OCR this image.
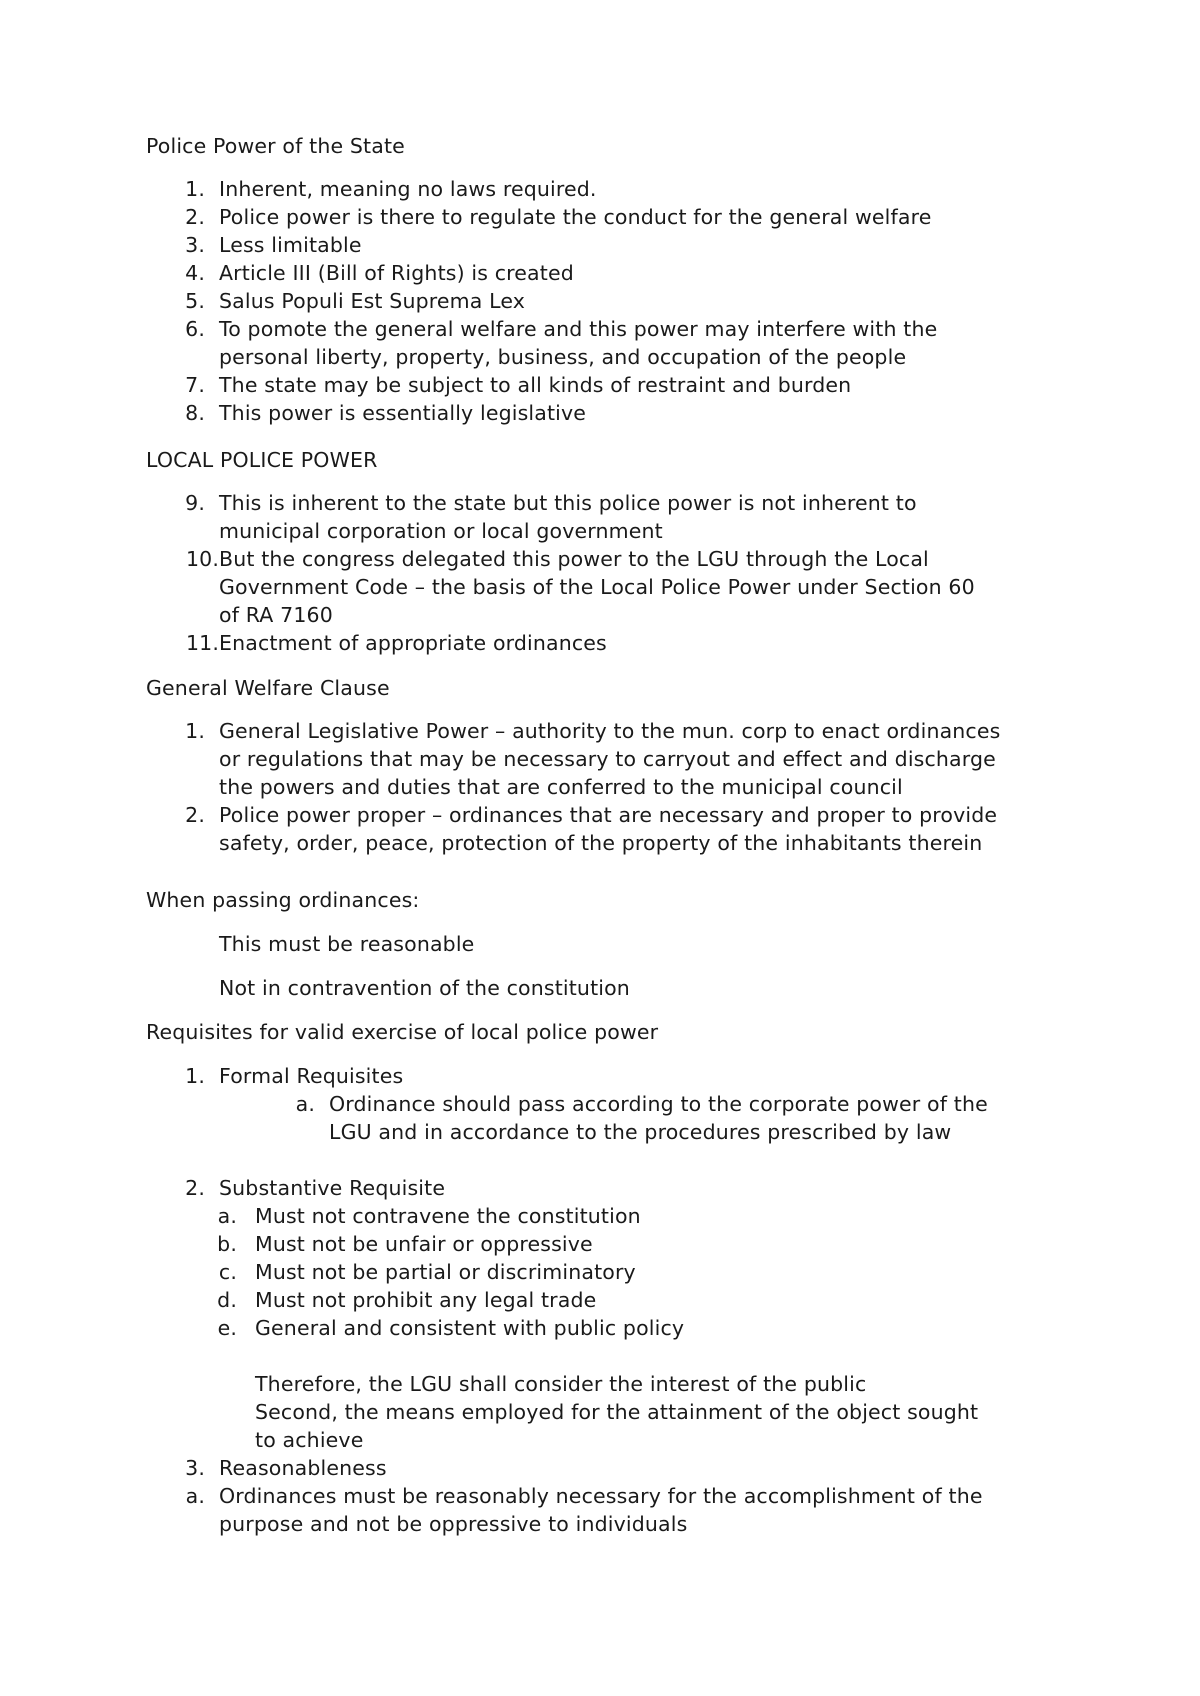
Police Power of the State
1. Inherent, meaning no laws required.
2. Police power is there to regulate the conduct for the general welfare
3. Less limitable
4. Article III (Bill of Rights) is created
5. Salus Populi Est Suprema Lex
6. To pomote the general welfare and this power may interfere with the
personal liberty, property, business, and occupation of the people
7. The state may be subject to all kinds of restraint and burden
8. This power is essentially legislative
LOCAL POLICE POWER
9. This is inherent to the state but this police power is not inherent to
municipal corporation or local government
10. But the congress delegated this power to the LGU through the Local
Government Code – the basis of the Local Police Power under Section 60
of RA 7160
11. Enactment of appropriate ordinances
General Welfare Clause
1. General Legislative Power – authority to the mun. corp to enact ordinances
or regulations that may be necessary to carryout and effect and discharge
the powers and duties that are conferred to the municipal council
2. Police power proper – ordinances that are necessary and proper to provide
safety, order, peace, protection of the property of the inhabitants therein
When passing ordinances:
This must be reasonable
Not in contravention of the constitution
Requisites for valid exercise of local police power
1. Formal Requisites
a. Ordinance should pass according to the corporate power of the
LGU and in accordance to the procedures prescribed by law
2. Substantive Requisite
a. Must not contravene the constitution
b. Must not be unfair or oppressive
c. Must not be partial or discriminatory
d. Must not prohibit any legal trade
e. General and consistent with public policy
Therefore, the LGU shall consider the interest of the public
Second, the means employed for the attainment of the object sought
to achieve
3. Reasonableness
a. Ordinances must be reasonably necessary for the accomplishment of the
purpose and not be oppressive to individuals
